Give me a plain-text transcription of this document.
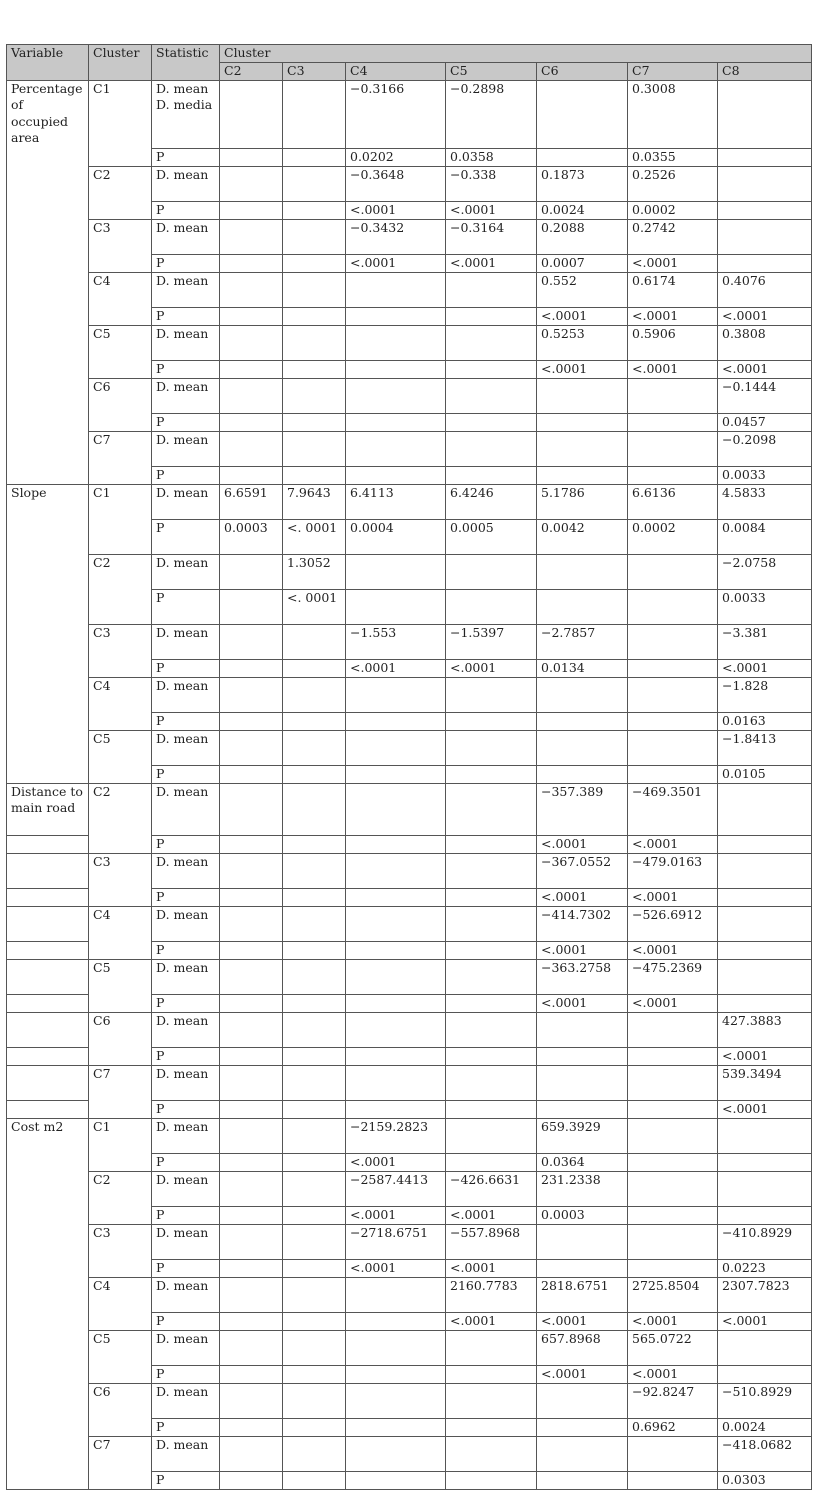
Variable	Cluster	Statistic	Cluster						
			C2	C3	C4	C5	C6	C7	C8
Percentage of occupied area	C1	D. mean D. media			−0.3166	−0.2898		0.3008	
		P			0.0202	0.0358		0.0355	
	C2	D. mean			−0.3648	−0.338	0.1873	0.2526	
		P			<.0001	<.0001	0.0024	0.0002	
	C3	D. mean			−0.3432	−0.3164	0.2088	0.2742	
		P			<.0001	<.0001	0.0007	<.0001	
	C4	D. mean					0.552	0.6174	0.4076
		P					<.0001	<.0001	<.0001
	C5	D. mean					0.5253	0.5906	0.3808
		P					<.0001	<.0001	<.0001
	C6	D. mean							−0.1444
		P							0.0457
	C7	D. mean							−0.2098
		P							0.0033
Slope	C1	D. mean	6.6591	7.9643	6.4113	6.4246	5.1786	6.6136	4.5833
		P	0.0003	<. 0001	0.0004	0.0005	0.0042	0.0002	0.0084
	C2	D. mean		1.3052					−2.0758
		P		<. 0001					0.0033
	C3	D. mean			−1.553	−1.5397	−2.7857		−3.381
		P			<.0001	<.0001	0.0134		<.0001
	C4	D. mean							−1.828
		P							0.0163
	C5	D. mean							−1.8413
		P							0.0105
Distance to main road	C2	D. mean					−357.389	−469.3501	
		P					<.0001	<.0001	
	C3	D. mean					−367.0552	−479.0163	
		P					<.0001	<.0001	
	C4	D. mean					−414.7302	−526.6912	
		P					<.0001	<.0001	
	C5	D. mean					−363.2758	−475.2369	
		P					<.0001	<.0001	
	C6	D. mean							427.3883
		P							<.0001
	C7	D. mean							539.3494
		P							<.0001
Cost m2	C1	D. mean			−2159.2823		659.3929		
		P			<.0001		0.0364		
	C2	D. mean			−2587.4413	−426.6631	231.2338		
		P			<.0001	<.0001	0.0003		
	C3	D. mean			−2718.6751	−557.8968			−410.8929
		P			<.0001	<.0001			0.0223
	C4	D. mean				2160.7783	2818.6751	2725.8504	2307.7823
		P				<.0001	<.0001	<.0001	<.0001
	C5	D. mean					657.8968	565.0722	
		P					<.0001	<.0001	
	C6	D. mean						−92.8247	−510.8929
		P						0.6962	0.0024
	C7	D. mean							−418.0682
		P							0.0303
